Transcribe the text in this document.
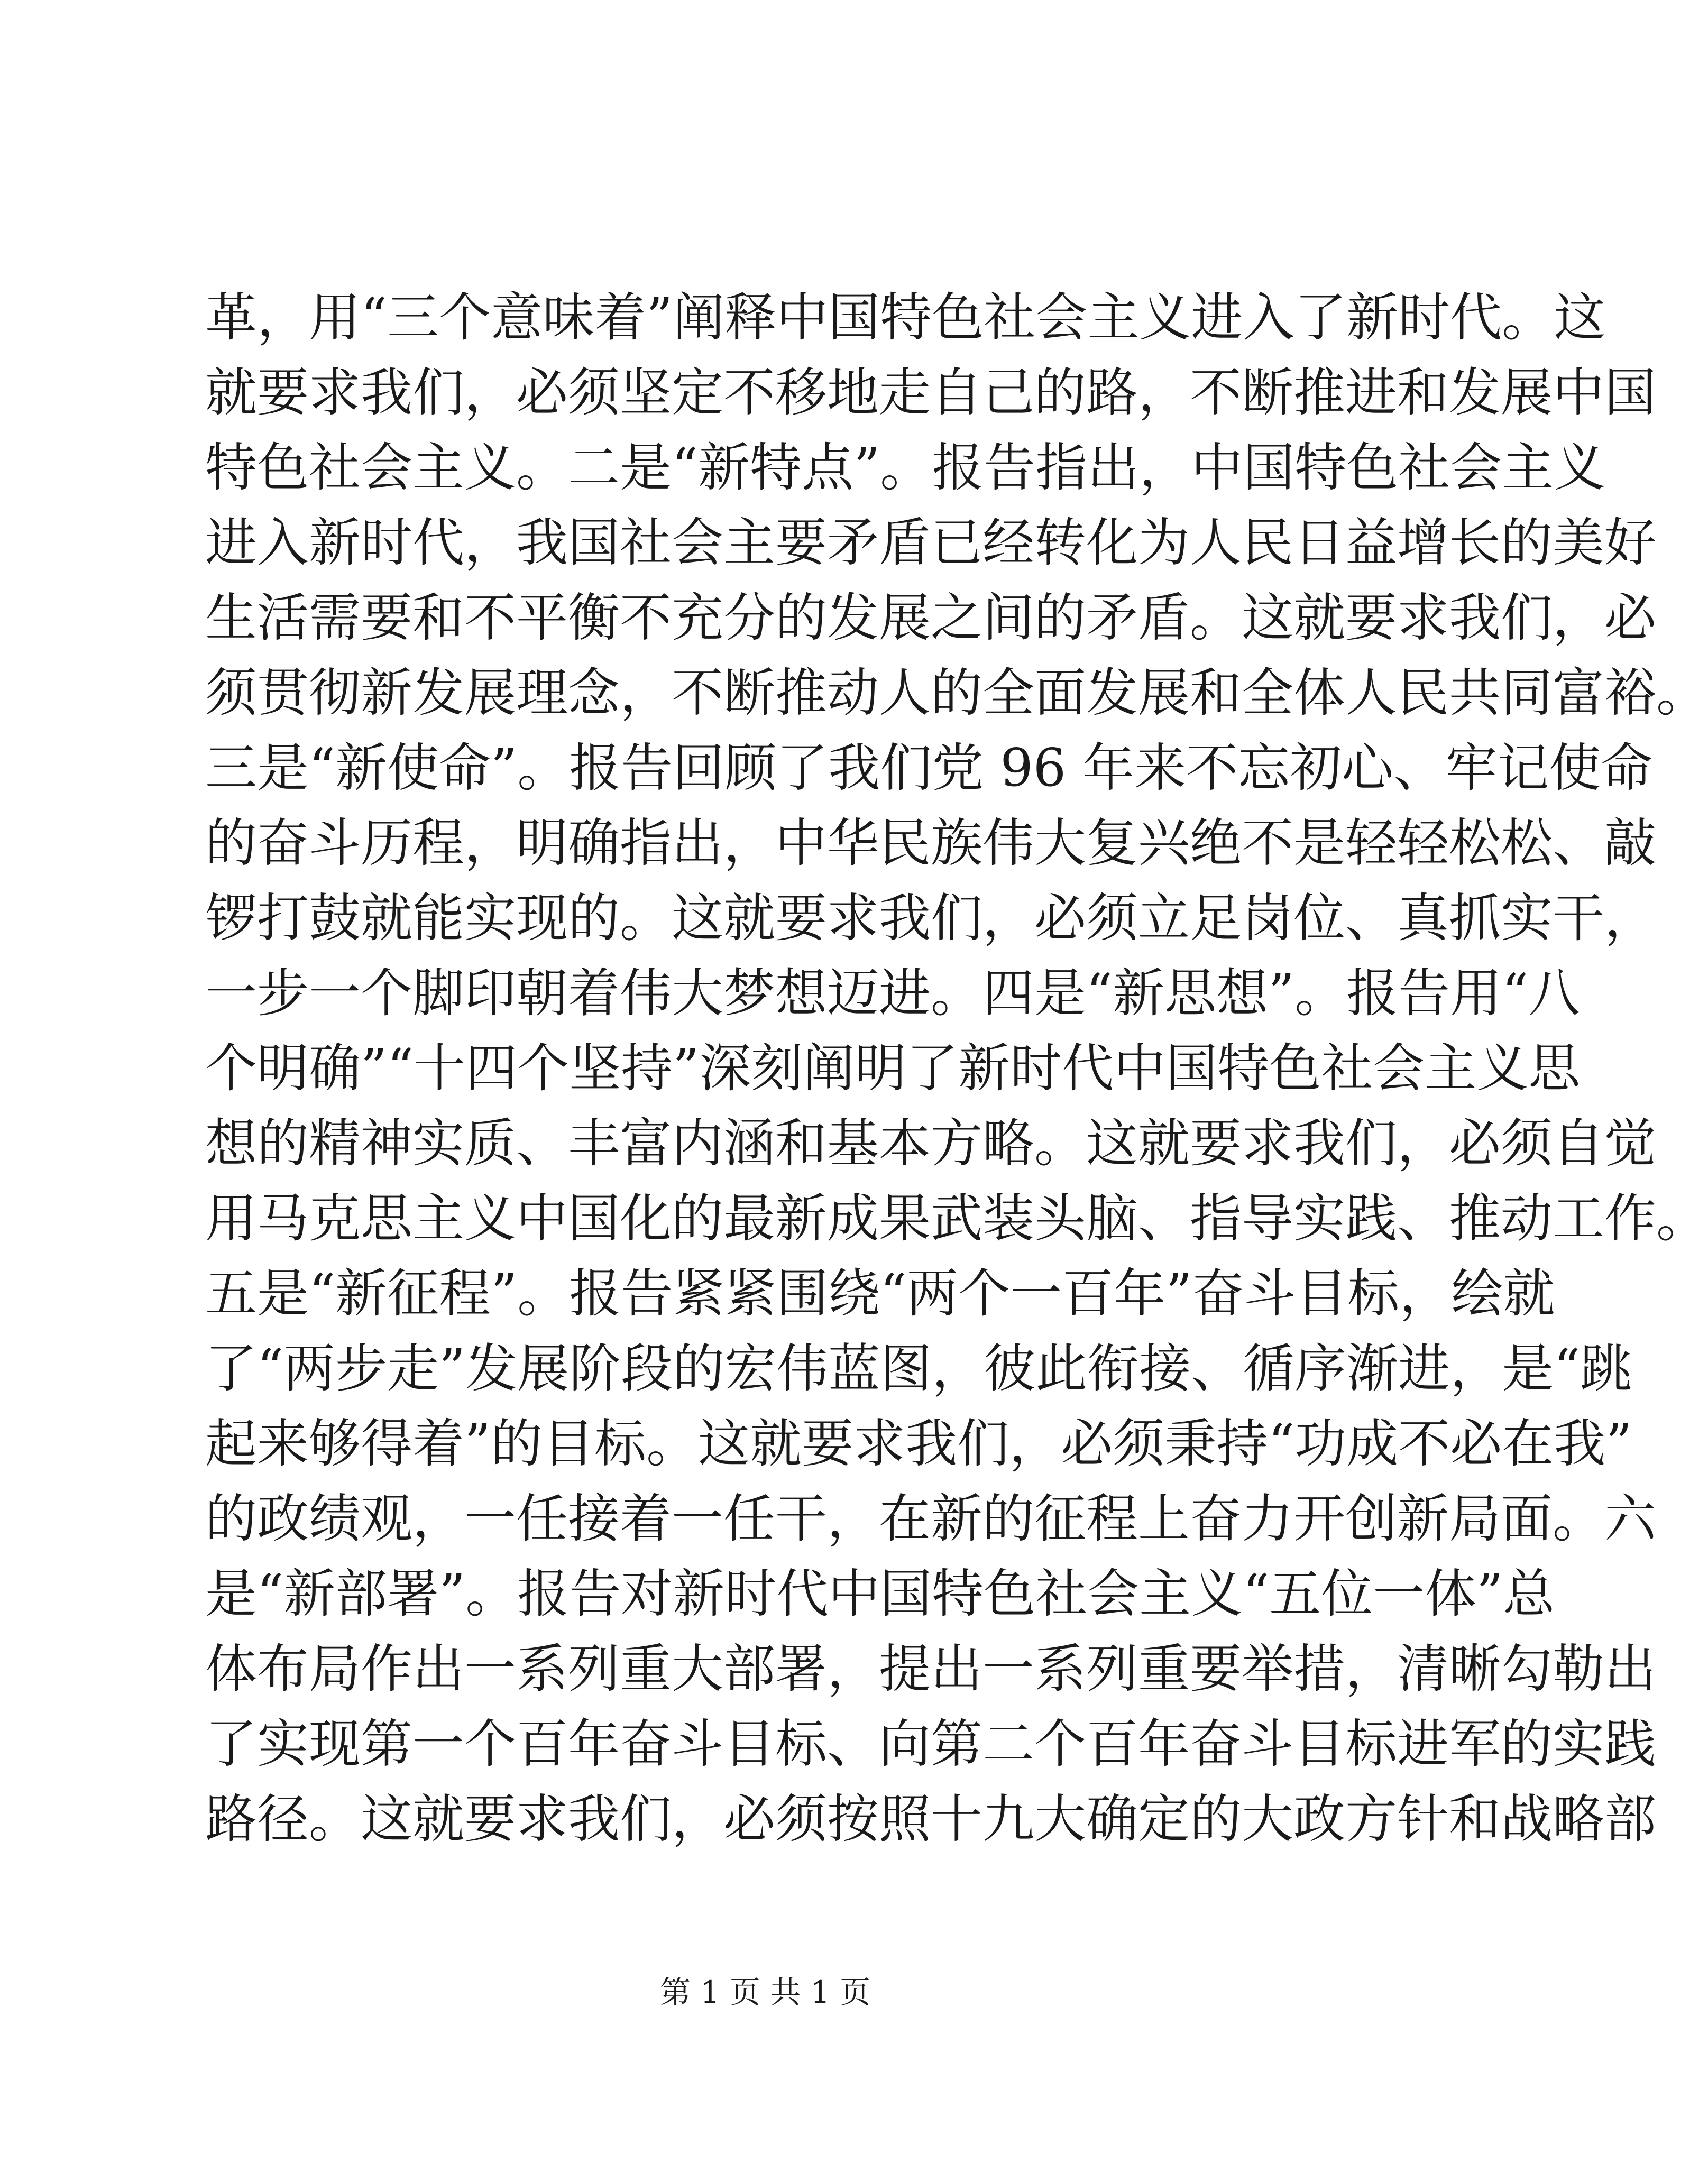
革，用“三个意味着”阐释中国特色社会主义进入了新时代。这
就要求我们，必须坚定不移地走自己的路，不断推进和发展中国
特色社会主义。二是“新特点”。报告指出，中国特色社会主义
进入新时代，我国社会主要矛盾已经转化为人民日益增长的美好
生活需要和不平衡不充分的发展之间的矛盾。这就要求我们，必
须贯彻新发展理念，不断推动人的全面发展和全体人民共同富裕。
三是“新使命”。报告回顾了我们党 96 年来不忘初心、牢记使命
的奋斗历程，明确指出，中华民族伟大复兴绝不是轻轻松松、敲
锣打鼓就能实现的。这就要求我们，必须立足岗位、真抓实干，
一步一个脚印朝着伟大梦想迈进。四是“新思想”。报告用“八
个明确”“十四个坚持”深刻阐明了新时代中国特色社会主义思
想的精神实质、丰富内涵和基本方略。这就要求我们，必须自觉
用马克思主义中国化的最新成果武装头脑、指导实践、推动工作。
五是“新征程”。报告紧紧围绕“两个一百年”奋斗目标，绘就
了“两步走”发展阶段的宏伟蓝图，彼此衔接、循序渐进，是“跳
起来够得着”的目标。这就要求我们，必须秉持“功成不必在我”
的政绩观，一任接着一任干，在新的征程上奋力开创新局面。六
是“新部署”。报告对新时代中国特色社会主义“五位一体”总
体布局作出一系列重大部署，提出一系列重要举措，清晰勾勒出
了实现第一个百年奋斗目标、向第二个百年奋斗目标进军的实践
路径。这就要求我们，必须按照十九大确定的大政方针和战略部

第 1 页 共 1 页
